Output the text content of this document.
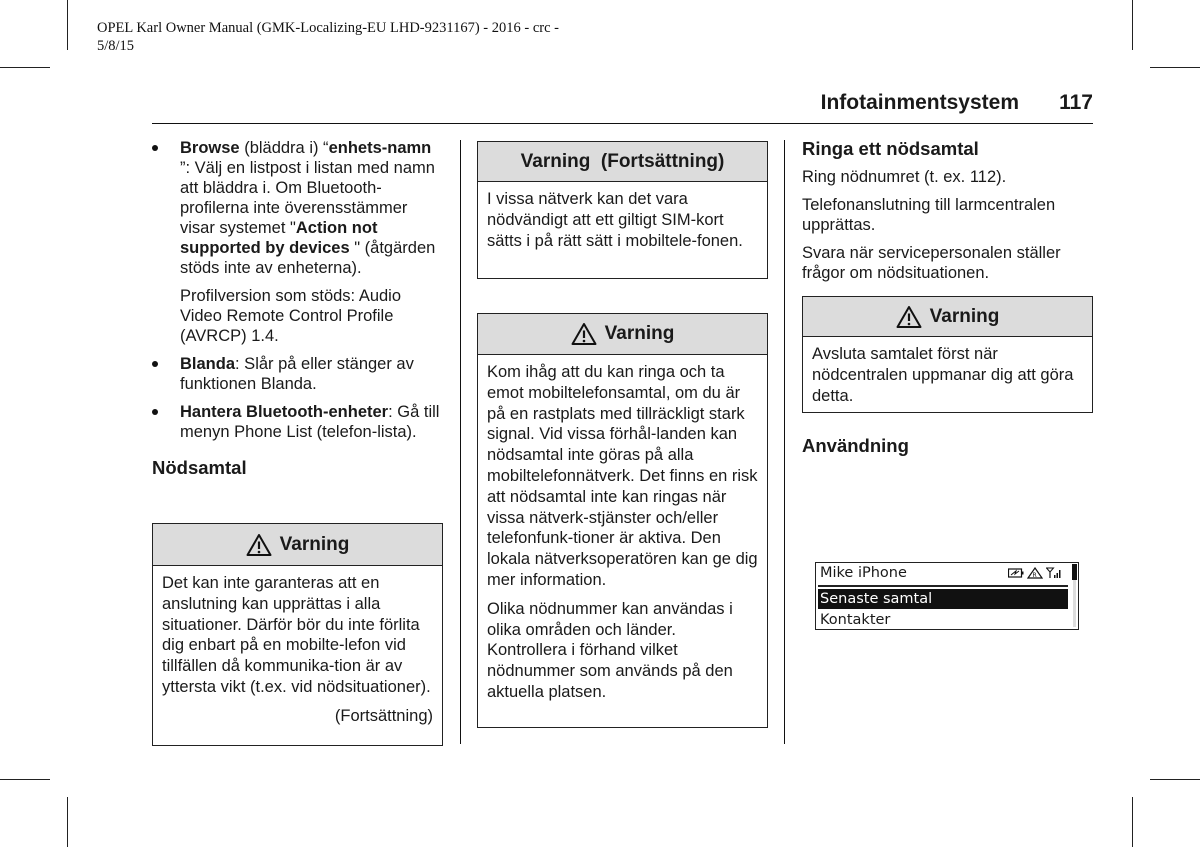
OPEL Karl Owner Manual (GMK-Localizing-EU LHD-9231167) - 2016 - crc -
5/8/15
Infotainmentsystem 117
Browse (bläddra i) “enhets-namn ”: Välj en listpost i listan med namn att bläddra i. Om Bluetooth-profilerna inte överensstämmer visar systemet "Action not supported by devices " (åtgärden stöds inte av enheterna).

Profilversion som stöds: Audio Video Remote Control Profile (AVRCP) 1.4.

Blanda: Slår på eller stänger av funktionen Blanda.
Hantera Bluetooth-enheter: Gå till menyn Phone List (telefon-lista).
Nödsamtal
Varning

Det kan inte garanteras att en anslutning kan upprättas i alla situationer. Därför bör du inte förlita dig enbart på en mobilte-lefon vid tillfällen då kommunika-tion är av yttersta vikt (t.ex. vid nödsituationer).

(Fortsättning)
Varning  (Fortsättning)

I vissa nätverk kan det vara nödvändigt att ett giltigt SIM-kort sätts i på rätt sätt i mobiltele-fonen.

Varning

Kom ihåg att du kan ringa och ta emot mobiltelefonsamtal, om du är på en rastplats med tillräckligt stark signal. Vid vissa förhål-landen kan nödsamtal inte göras på alla mobiltelefonnätverk. Det finns en risk att nödsamtal inte kan ringas när vissa nätverk-stjänster och/eller telefonfunk-tioner är aktiva. Den lokala nätverksoperatören kan ge dig mer information.

Olika nödnummer kan användas i olika områden och länder. Kontrollera i förhand vilket nödnummer som används på den aktuella platsen.

Ringa ett nödsamtal

Ring nödnumret (t. ex. 112).

Telefonanslutning till larmcentralen upprättas.

Svara när servicepersonalen ställer frågor om nödsituationen.

Varning

Avsluta samtalet först när nödcentralen uppmanar dig att göra detta.

Användning
Mike iPhone	R
Senaste samtal
Kontakter
